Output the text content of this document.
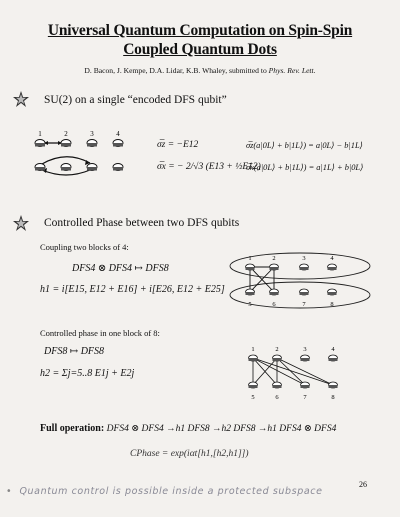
Universal Quantum Computation on Spin-Spin
Coupled Quantum Dots
D. Bacon, J. Kempe, D.A. Lidar, K.B. Whaley, submitted to Phys. Rev. Lett.
SU(2) on a single “encoded DFS qubit”
1	2	3	4
σ̅z = −E12
σ̅x = − 2/√3 (E13 + ½E12)
σ̅z(a|0L⟩ + b|1L⟩) = a|0L⟩ − b|1L⟩
σ̅x(a|0L⟩ + b|1L⟩) = a|1L⟩ + b|0L⟩
Controlled Phase between two DFS qubits
Coupling two blocks of 4:
DFS4 ⊗ DFS4 ↦ DFS8
h1 = i[E15, E12 + E16] + i[E26, E12 + E25]
1	2	3	4
5	6	7	8
Controlled phase in one block of 8:
DFS8 ↦ DFS8
h2 = Σj=5..8 E1j + E2j
1	2	3	4
5	6	7	8
Full operation: DFS4 ⊗ DFS4 →h1 DFS8 →h2 DFS8 →h1 DFS4 ⊗ DFS4
CPhase = exp(iαt[h1,[h2,h1]])
26
•  Quantum control is possible inside a protected subspace
